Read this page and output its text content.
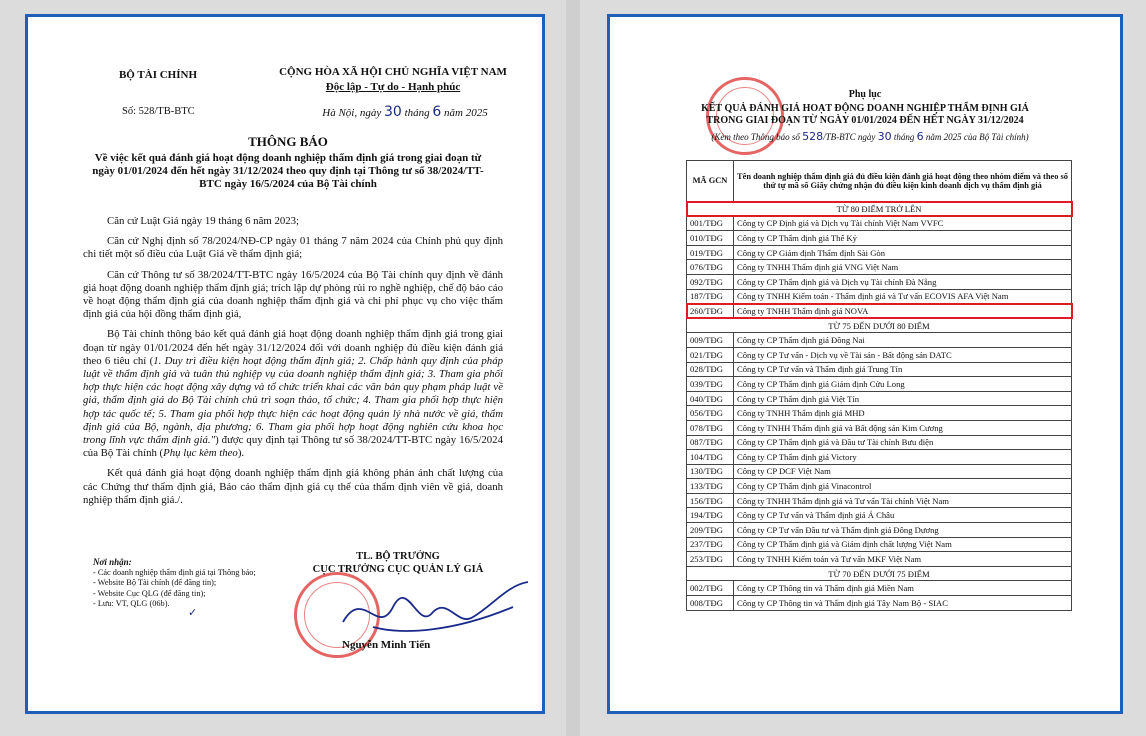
BỘ TÀI CHÍNH	CỘNG HÒA XÃ HỘI CHỦ NGHĨA VIỆT NAM
Độc lập - Tự do - Hạnh phúc
Số: 528/TB-BTC	Hà Nội, ngày 30 tháng 6 năm 2025
THÔNG BÁO
Về việc kết quả đánh giá hoạt động doanh nghiệp thẩm định giá trong giai đoạn từ ngày 01/01/2024 đến hết ngày 31/12/2024 theo quy định tại Thông tư số 38/2024/TT-BTC ngày 16/5/2024 của Bộ Tài chính

Căn cứ Luật Giá ngày 19 tháng 6 năm 2023;

Căn cứ Nghị định số 78/2024/NĐ-CP ngày 01 tháng 7 năm 2024 của Chính phủ quy định chi tiết một số điều của Luật Giá về thẩm định giá;

Căn cứ Thông tư số 38/2024/TT-BTC ngày 16/5/2024 của Bộ Tài chính quy định về đánh giá hoạt động doanh nghiệp thẩm định giá; trích lập dự phòng rủi ro nghề nghiệp, chế độ báo cáo về hoạt động thẩm định giá của doanh nghiệp thẩm định giá và chi phí phục vụ cho việc thẩm định giá của hội đồng thẩm định giá,

Bộ Tài chính thông báo kết quả đánh giá hoạt động doanh nghiệp thẩm định giá trong giai đoạn từ ngày 01/01/2024 đến hết ngày 31/12/2024 đối với doanh nghiệp đủ điều kiện đánh giá theo 6 tiêu chí (1. Duy trì điều kiện hoạt động thẩm định giá; 2. Chấp hành quy định của pháp luật về thẩm định giá và tuân thủ nghiệp vụ của doanh nghiệp thẩm định giá; 3. Tham gia phối hợp thực hiện các hoạt động xây dựng và tổ chức triển khai các văn bản quy phạm pháp luật về giá, thẩm định giá do Bộ Tài chính chủ trì soạn thảo, tổ chức; 4. Tham gia phối hợp thực hiện hợp tác quốc tế; 5. Tham gia phối hợp thực hiện các hoạt động quản lý nhà nước về giá, thẩm định giá của Bộ, ngành, địa phương; 6. Tham gia phối hợp hoạt động nghiên cứu khoa học trong lĩnh vực thẩm định giá.") được quy định tại Thông tư số 38/2024/TT-BTC ngày 16/5/2024 của Bộ Tài chính (Phụ lục kèm theo).

Kết quả đánh giá hoạt động doanh nghiệp thẩm định giá không phản ánh chất lượng của các Chứng thư thẩm định giá, Báo cáo thẩm định giá cụ thể của thẩm định viên về giá, doanh nghiệp thẩm định giá./.

Nơi nhận:
- Các doanh nghiệp thẩm định giá tại Thông báo;
- Website Bộ Tài chính (để đăng tin);
- Website Cục QLG (để đăng tin);
- Lưu: VT, QLG (06b).
✓
TL. BỘ TRƯỞNG
CỤC TRƯỞNG CỤC QUẢN LÝ GIÁ
Nguyễn Minh Tiến
Phụ lục
KẾT QUẢ ĐÁNH GIÁ HOẠT ĐỘNG DOANH NGHIỆP THẨM ĐỊNH GIÁ
TRONG GIAI ĐOẠN TỪ NGÀY 01/01/2024 ĐẾN HẾT NGÀY 31/12/2024
(Kèm theo Thông báo số 528/TB-BTC ngày 30 tháng 6 năm 2025 của Bộ Tài chính)
MÃ GCN	Tên doanh nghiệp thẩm định giá đủ điều kiện đánh giá hoạt động theo nhóm điểm và theo số thứ tự mã số Giấy chứng nhận đủ điều kiện kinh doanh dịch vụ thẩm định giá
TỪ 80 ĐIỂM TRỞ LÊN	
001/TĐG	Công ty CP Định giá và Dịch vụ Tài chính Việt Nam VVFC
010/TĐG	Công ty CP Thẩm định giá Thế Kỷ
019/TĐG	Công ty CP Giám định Thẩm định Sài Gòn
076/TĐG	Công ty TNHH Thẩm định giá VNG Việt Nam
092/TĐG	Công ty CP Thẩm định giá và Dịch vụ Tài chính Đà Nẵng
187/TĐG	Công ty TNHH Kiểm toán - Thẩm định giá và Tư vấn ECOVIS AFA Việt Nam
260/TĐG	Công ty TNHH Thẩm định giá NOVA
TỪ 75 ĐẾN DƯỚI 80 ĐIỂM	
009/TĐG	Công ty CP Thẩm định giá Đồng Nai
021/TĐG	Công ty CP Tư vấn - Dịch vụ về Tài sản - Bất động sản DATC
028/TĐG	Công ty CP Tư vấn và Thẩm định giá Trung Tín
039/TĐG	Công ty CP Thẩm định giá Giám định Cửu Long
040/TĐG	Công ty CP Thẩm định giá Việt Tín
056/TĐG	Công ty TNHH Thẩm định giá MHD
078/TĐG	Công ty TNHH Thẩm định giá và Bất động sản Kim Cương
087/TĐG	Công ty CP Thẩm định giá và Đầu tư Tài chính Bưu điện
104/TĐG	Công ty CP Thẩm định giá Victory
130/TĐG	Công ty CP DCF Việt Nam
133/TĐG	Công ty CP Thẩm định giá Vinacontrol
156/TĐG	Công ty TNHH Thẩm định giá và Tư vấn Tài chính Việt Nam
194/TĐG	Công ty CP Tư vấn và Thẩm định giá Á Châu
209/TĐG	Công ty CP Tư vấn Đầu tư và Thẩm định giá Đông Dương
237/TĐG	Công ty CP Thẩm định giá và Giám định chất lượng Việt Nam
253/TĐG	Công ty TNHH Kiểm toán và Tư vấn MKF Việt Nam
TỪ 70 ĐẾN DƯỚI 75 ĐIỂM	
002/TĐG	Công ty CP Thông tin và Thẩm định giá Miền Nam
008/TĐG	Công ty CP Thông tin và Thẩm định giá Tây Nam Bộ - SIAC
